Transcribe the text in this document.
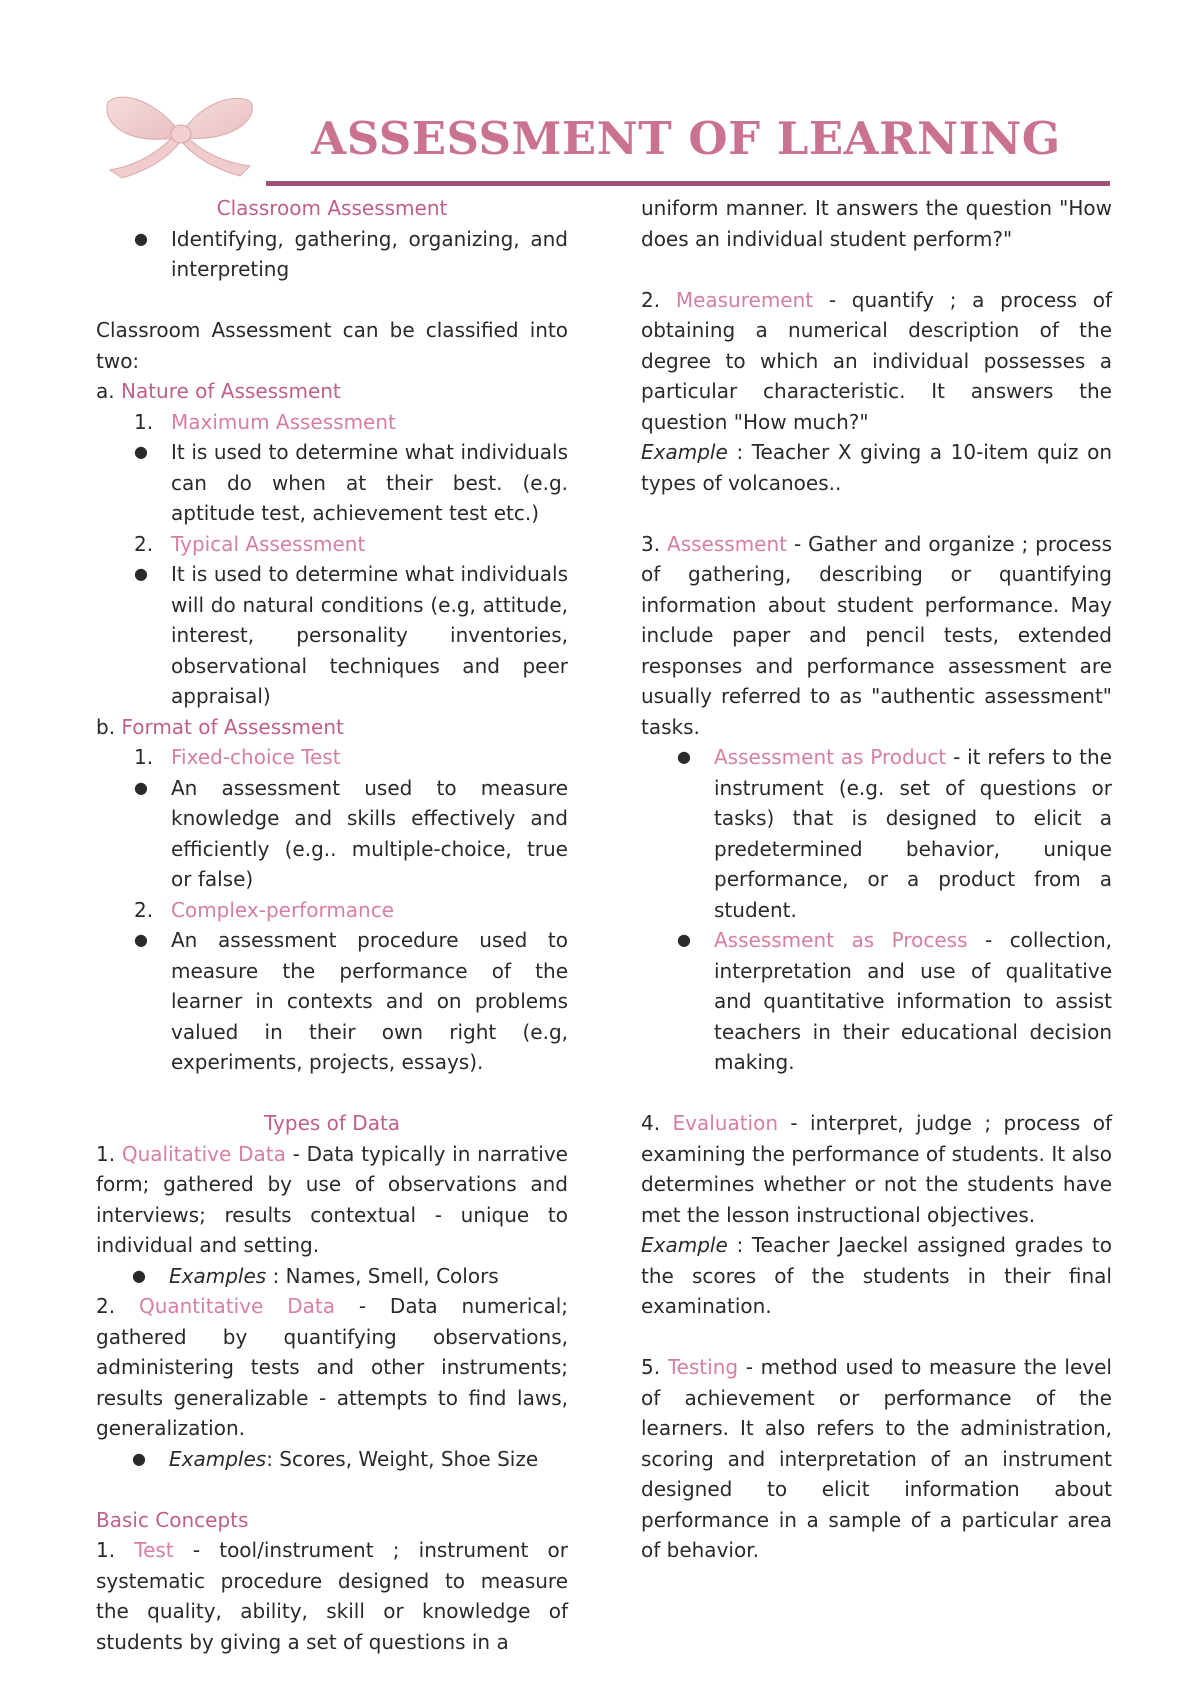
ASSESSMENT OF LEARNING

Classroom Assessment

● Identifying, gathering, organizing, and interpreting

Classroom Assessment can be classified into two:

a. Nature of Assessment

1. Maximum Assessment

● It is used to determine what individuals can do when at their best. (e.g. aptitude test, achievement test etc.)

2. Typical Assessment

● It is used to determine what individuals will do natural conditions (e.g, attitude, interest, personality inventories, observational techniques and peer appraisal)

b. Format of Assessment

1. Fixed-choice Test

● An assessment used to measure knowledge and skills effectively and efficiently (e.g.. multiple-choice, true or false)

2. Complex-performance

● An assessment procedure used to measure the performance of the learner in contexts and on problems valued in their own right (e.g, experiments, projects, essays).

Types of Data

1. Qualitative Data - Data typically in narrative form; gathered by use of observations and interviews; results contextual - unique to individual and setting.

● Examples : Names, Smell, Colors

2. Quantitative Data - Data numerical; gathered by quantifying observations, administering tests and other instruments; results generalizable - attempts to find laws, generalization.

● Examples: Scores, Weight, Shoe Size

Basic Concepts

1. Test - tool/instrument ; instrument or systematic procedure designed to measure the quality, ability, skill or knowledge of students by giving a set of questions in a

uniform manner. It answers the question "How does an individual student perform?"

2. Measurement - quantify ; a process of obtaining a numerical description of the degree to which an individual possesses a particular characteristic. It answers the question "How much?"

Example : Teacher X giving a 10-item quiz on types of volcanoes..

3. Assessment - Gather and organize ; process of gathering, describing or quantifying information about student performance. May include paper and pencil tests, extended responses and performance assessment are usually referred to as "authentic assessment" tasks.

● Assessment as Product - it refers to the instrument (e.g. set of questions or tasks) that is designed to elicit a predetermined behavior, unique performance, or a product from a student.

● Assessment as Process - collection, interpretation and use of qualitative and quantitative information to assist teachers in their educational decision making.

4. Evaluation - interpret, judge ; process of examining the performance of students. It also determines whether or not the students have met the lesson instructional objectives.

Example : Teacher Jaeckel assigned grades to the scores of the students in their final examination.

5. Testing - method used to measure the level of achievement or performance of the learners. It also refers to the administration, scoring and interpretation of an instrument designed to elicit information about performance in a sample of a particular area of behavior.
